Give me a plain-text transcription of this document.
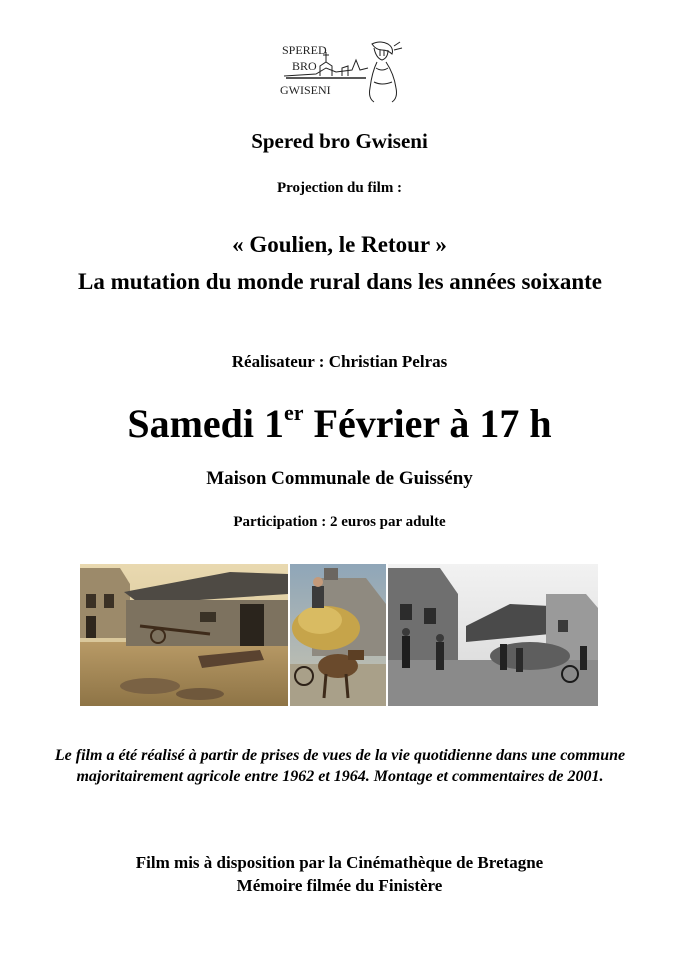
SPERED
BRO
GWISENI
Spered bro Gwiseni
Projection du film :
« Goulien, le Retour »
La mutation du monde rural dans les années soixante
Réalisateur : Christian Pelras
Samedi 1er Février à 17 h
Maison Communale de Guissény
Participation : 2 euros par adulte
Le film a été réalisé à partir de prises de vues de la vie quotidienne dans une commune majoritairement agricole entre 1962 et 1964. Montage et commentaires de 2001.
Film mis à disposition par la Cinémathèque de Bretagne
Mémoire filmée du Finistère
